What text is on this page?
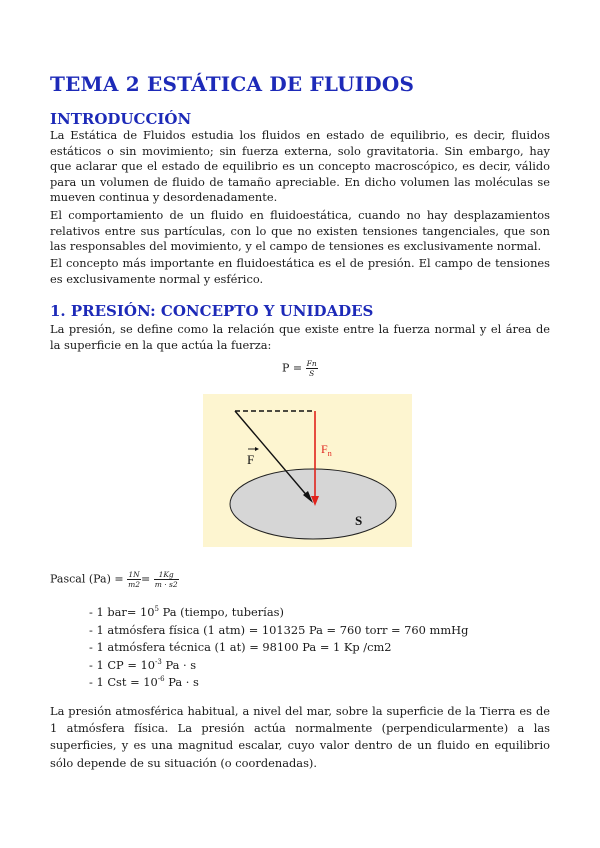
TEMA 2 ESTÁTICA DE FLUIDOS
INTRODUCCIÓN

La Estática de Fluidos estudia los fluidos en estado de equilibrio, es decir, fluidos estáticos o sin movimiento; sin fuerza externa, solo gravitatoria. Sin embargo, hay que aclarar que el estado de equilibrio es un concepto macroscópico, es decir, válido para un volumen de fluido de tamaño apreciable. En dicho volumen las moléculas se mueven continua y desordenadamente.

El comportamiento de un fluido en fluidoestática, cuando no hay desplazamientos relativos entre sus partículas, con lo que no existen tensiones tangenciales, que son las responsables del movimiento, y el campo de tensiones es exclusivamente normal.

El concepto más importante en fluidoestática es el de presión. El campo de tensiones es exclusivamente normal y esférico.

1. PRESIÓN: CONCEPTO Y UNIDADES

La presión, se define como la relación que existe entre la fuerza normal y el área de la superficie en la que actúa la fuerza:

$P = \frac{Fn}{S}$
F
$F_n$
S
Pascal $(Pa) = \frac{1N}{m2} = \frac{1Kg}{m \cdot s2}$
- 1 $bar= 10^5$ Pa (tiempo, tuberías)
- 1 atmósfera física (1 atm) = 101325 Pa = 760 torr = 760 mmHg
- 1 atmósfera técnica (1 at) = 98100 Pa = 1 Kp /cm2
- 1 CP = $10^{-3}$ Pa · s
- 1 Cst = $10^{-6}$ Pa · s

La presión atmosférica habitual, a nivel del mar, sobre la superficie de la Tierra es de 1 atmósfera física. La presión actúa normalmente (perpendicularmente) a las superficies, y es una magnitud escalar, cuyo valor dentro de un fluido en equilibrio sólo depende de su situación (o coordenadas).
